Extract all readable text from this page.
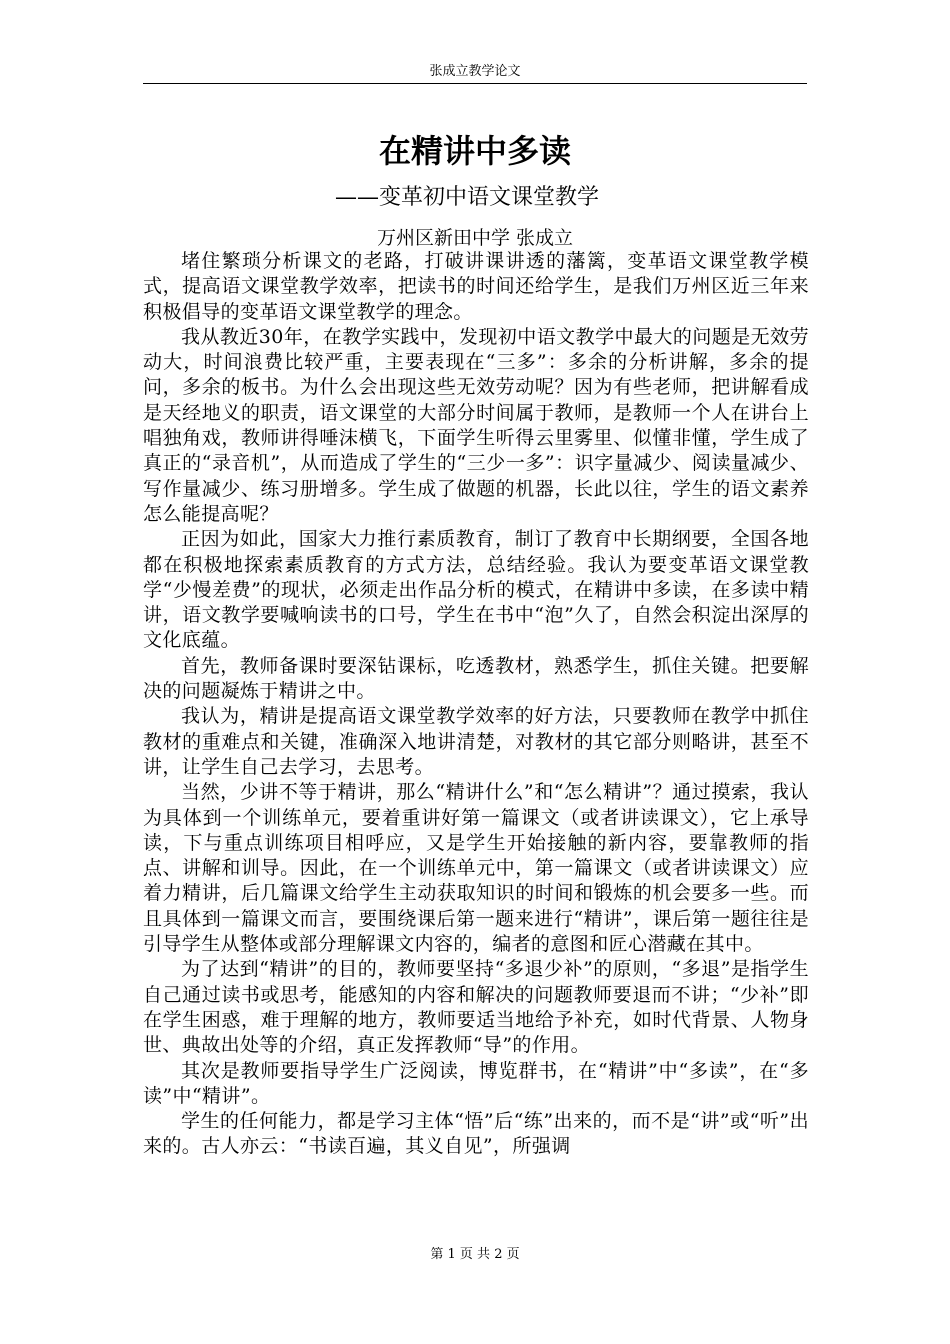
张成立教学论文
在精讲中多读
——变革初中语文课堂教学
万州区新田中学 张成立

堵住繁琐分析课文的老路，打破讲课讲透的藩篱，变革语文课堂教学模式，提高语文课堂教学效率，把读书的时间还给学生，是我们万州区近三年来积极倡导的变革语文课堂教学的理念。

我从教近30年，在教学实践中，发现初中语文教学中最大的问题是无效劳动大，时间浪费比较严重，主要表现在“三多”：多余的分析讲解，多余的提问，多余的板书。为什么会出现这些无效劳动呢？因为有些老师，把讲解看成是天经地义的职责，语文课堂的大部分时间属于教师，是教师一个人在讲台上唱独角戏，教师讲得唾沫横飞，下面学生听得云里雾里、似懂非懂，学生成了真正的“录音机”，从而造成了学生的“三少一多”：识字量减少、阅读量减少、写作量减少、练习册增多。学生成了做题的机器，长此以往，学生的语文素养怎么能提高呢？

正因为如此，国家大力推行素质教育，制订了教育中长期纲要，全国各地都在积极地探索素质教育的方式方法，总结经验。我认为要变革语文课堂教学“少慢差费”的现状，必须走出作品分析的模式，在精讲中多读，在多读中精讲，语文教学要喊响读书的口号，学生在书中“泡”久了，自然会积淀出深厚的文化底蕴。

首先，教师备课时要深钻课标，吃透教材，熟悉学生，抓住关键。把要解决的问题凝炼于精讲之中。

我认为，精讲是提高语文课堂教学效率的好方法，只要教师在教学中抓住教材的重难点和关键，准确深入地讲清楚，对教材的其它部分则略讲，甚至不讲，让学生自己去学习，去思考。

当然，少讲不等于精讲，那么“精讲什么”和“怎么精讲”？通过摸索，我认为具体到一个训练单元，要着重讲好第一篇课文（或者讲读课文），它上承导读，下与重点训练项目相呼应，又是学生开始接触的新内容，要靠教师的指点、讲解和训导。因此，在一个训练单元中，第一篇课文（或者讲读课文）应着力精讲，后几篇课文给学生主动获取知识的时间和锻炼的机会要多一些。而且具体到一篇课文而言，要围绕课后第一题来进行“精讲”，课后第一题往往是引导学生从整体或部分理解课文内容的，编者的意图和匠心潜藏在其中。

为了达到“精讲”的目的，教师要坚持“多退少补”的原则，“多退”是指学生自己通过读书或思考，能感知的内容和解决的问题教师要退而不讲；“少补”即在学生困惑，难于理解的地方，教师要适当地给予补充，如时代背景、人物身世、典故出处等的介绍，真正发挥教师“导”的作用。

其次是教师要指导学生广泛阅读，博览群书，在“精讲”中“多读”，在“多读”中“精讲”。

学生的任何能力，都是学习主体“悟”后“练”出来的，而不是“讲”或“听”出来的。古人亦云：“书读百遍，其义自见”，所强调

第 1 页 共 2 页
